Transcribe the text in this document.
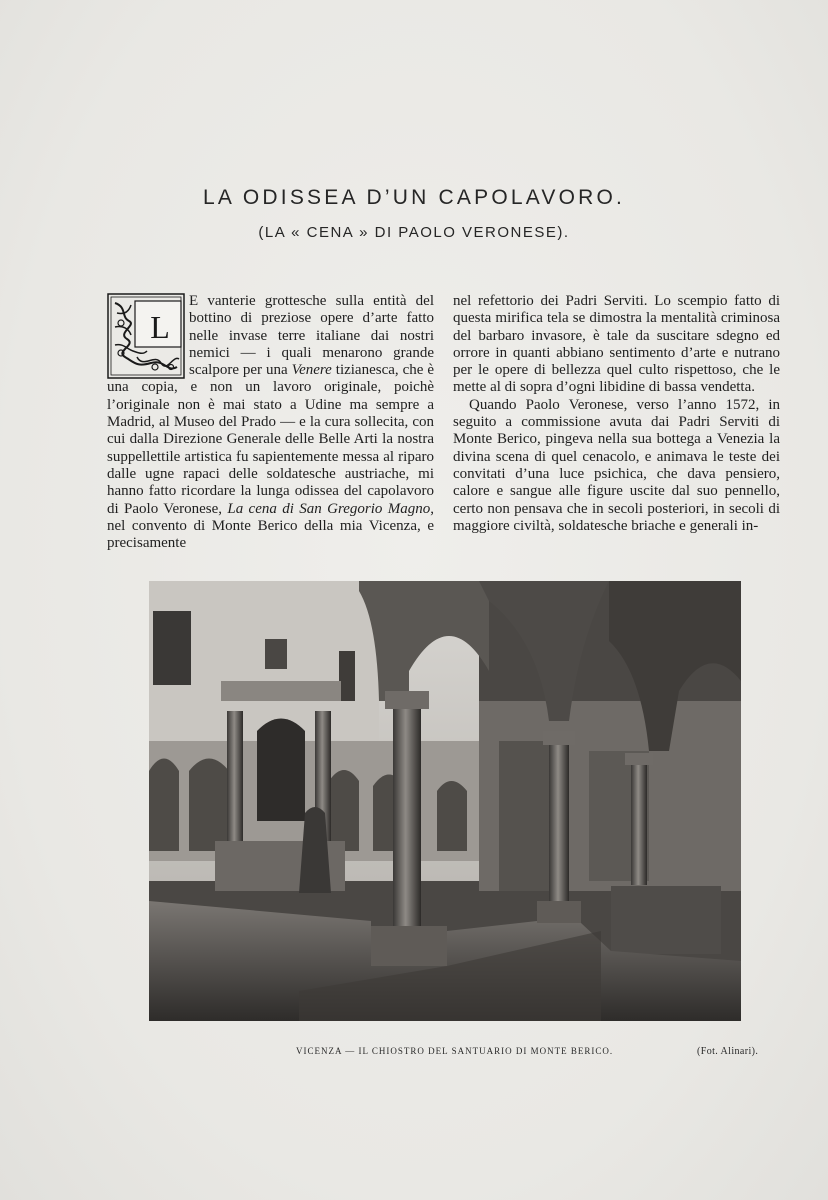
LA ODISSEA D’UN CAPOLAVORO.
(LA « CENA » DI PAOLO VERONESE).
L

E vanterie grottesche sulla entità del bottino di preziose opere d’arte fatto nelle invase terre italiane dai nostri nemici — i quali menarono grande scalpore per una Venere tizianesca, che è una copia, e non un lavoro originale, poichè l’originale non è mai stato a Udine ma sempre a Madrid, al Museo del Prado — e la cura sollecita, con cui dalla Direzione Generale delle Belle Arti la nostra suppellettile artistica fu sapientemente messa al riparo dalle ugne rapaci delle soldatesche austriache, mi hanno fatto ricordare la lunga odissea del capolavoro di Paolo Veronese, La cena di San Gregorio Magno, nel convento di Monte Berico della mia Vicenza, e precisamente

nel refettorio dei Padri Serviti. Lo scempio fatto di questa mirifica tela se dimostra la mentalità criminosa del barbaro invasore, è tale da suscitare sdegno ed orrore in quanti abbiano sentimento d’arte e nutrano per le opere di bellezza quel culto rispettoso, che le mette al di sopra d’ogni libidine di bassa vendetta.

Quando Paolo Veronese, verso l’anno 1572, in seguito a commissione avuta dai Padri Serviti di Monte Berico, pingeva nella sua bottega a Venezia la divina scena di quel cenacolo, e animava le teste dei convitati d’una luce psichica, che dava pensiero, calore e sangue alle figure uscite dal suo pennello, certo non pensava che in secoli posteriori, in secoli di maggiore civiltà, soldatesche briache e generali in-

VICENZA — IL CHIOSTRO DEL SANTUARIO DI MONTE BERICO.	(Fot. Alinari).
